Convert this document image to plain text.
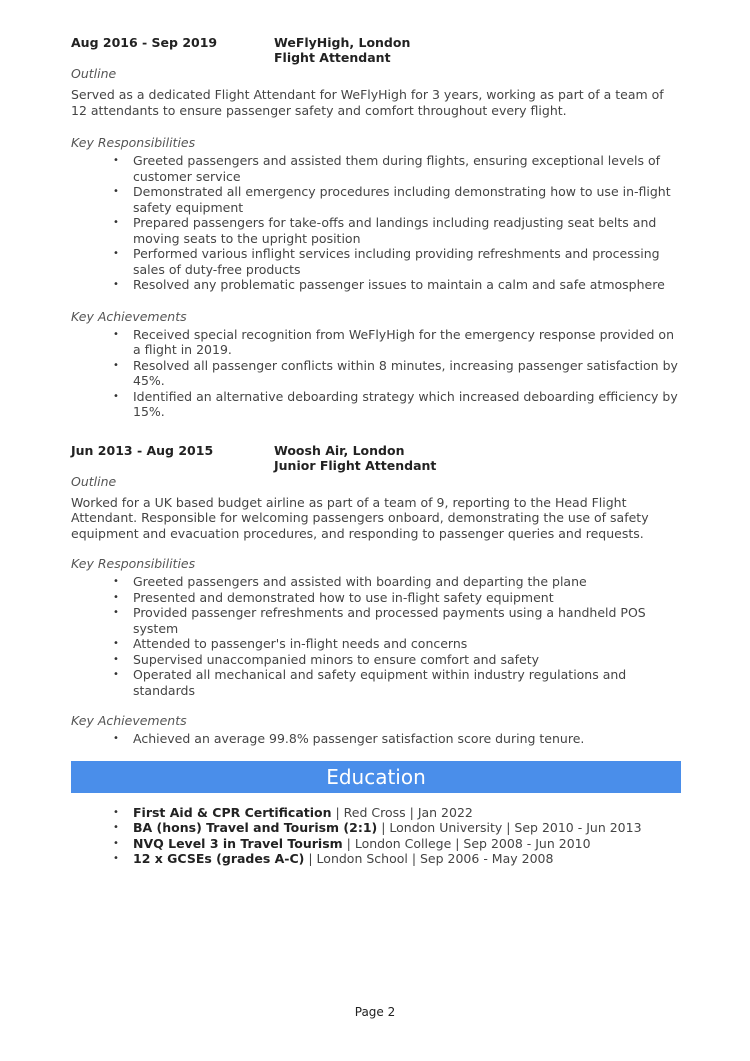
Aug 2016 - Sep 2019	WeFlyHigh, London
Flight Attendant
Outline

Served as a dedicated Flight Attendant for WeFlyHigh for 3 years, working as part of a team of 12 attendants to ensure passenger safety and comfort throughout every flight.

Key Responsibilities
• Greeted passengers and assisted them during flights, ensuring exceptional levels of customer service
• Demonstrated all emergency procedures including demonstrating how to use in-flight safety equipment
• Prepared passengers for take-offs and landings including readjusting seat belts and moving seats to the upright position
• Performed various inflight services including providing refreshments and processing sales of duty-free products
• Resolved any problematic passenger issues to maintain a calm and safe atmosphere
Key Achievements
• Received special recognition from WeFlyHigh for the emergency response provided on a flight in 2019.
• Resolved all passenger conflicts within 8 minutes, increasing passenger satisfaction by 45%.
• Identified an alternative deboarding strategy which increased deboarding efficiency by 15%.
Jun 2013 - Aug 2015	Woosh Air, London
Junior Flight Attendant
Outline

Worked for a UK based budget airline as part of a team of 9, reporting to the Head Flight Attendant. Responsible for welcoming passengers onboard, demonstrating the use of safety equipment and evacuation procedures, and responding to passenger queries and requests.

Key Responsibilities
• Greeted passengers and assisted with boarding and departing the plane
• Presented and demonstrated how to use in-flight safety equipment
• Provided passenger refreshments and processed payments using a handheld POS system
• Attended to passenger's in-flight needs and concerns
• Supervised unaccompanied minors to ensure comfort and safety
• Operated all mechanical and safety equipment within industry regulations and standards
Key Achievements
• Achieved an average 99.8% passenger satisfaction score during tenure.
Education
• First Aid & CPR Certification | Red Cross | Jan 2022
• BA (hons) Travel and Tourism (2:1) | London University | Sep 2010 - Jun 2013
• NVQ Level 3 in Travel Tourism | London College | Sep 2008 - Jun 2010
• 12 x GCSEs (grades A-C) | London School | Sep 2006 - May 2008
Page 2
